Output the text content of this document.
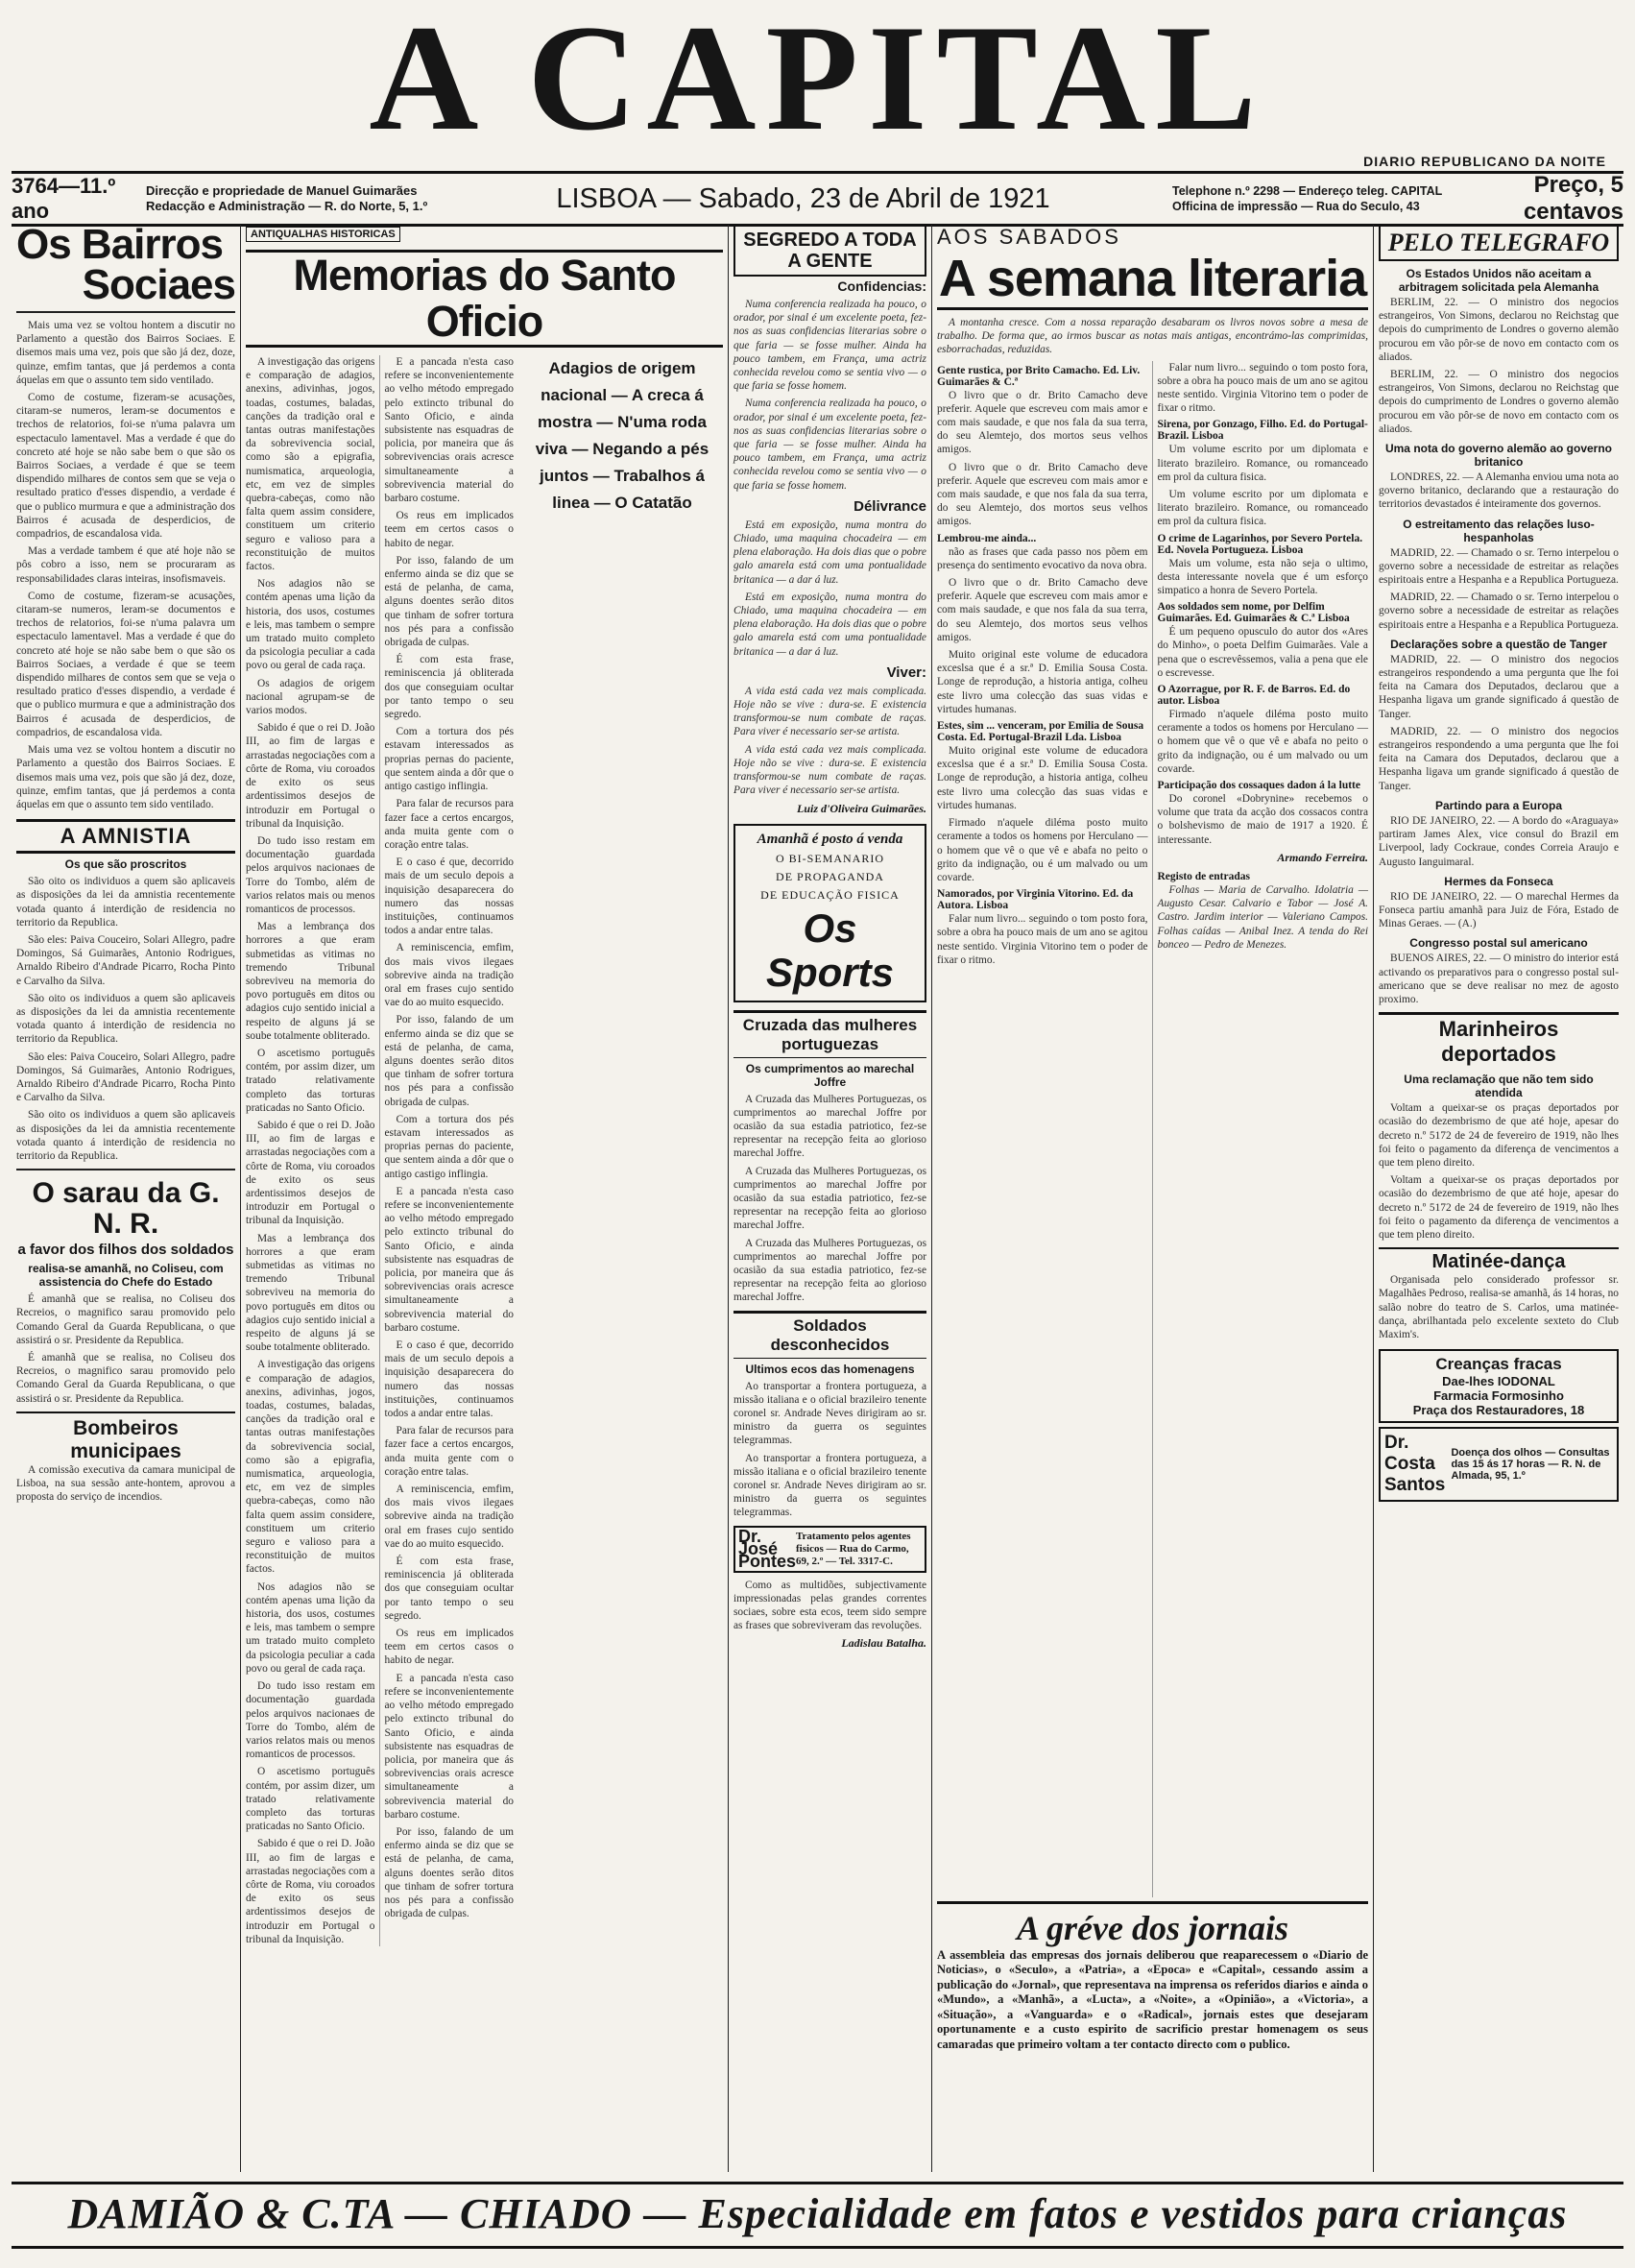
A CAPITAL	DIARIO REPUBLICANO DA NOITE
3764—11.º ano
Direcção e propriedade de Manuel Guimarães
Redacção e Administração — R. do Norte, 5, 1.º	LISBOA — Sabado, 23 de Abril de 1921	Telephone n.º 2298 — Endereço teleg. CAPITAL
Officina de impressão — Rua do Seculo, 43
Preço, 5 centavos
Os Bairros
Sociaes

Mais uma vez se voltou hontem a discutir no Parlamento a questão dos Bairros Sociaes. E disemos mais uma vez, pois que são já dez, doze, quinze, emfim tantas, que já perdemos a conta áquelas em que o assunto tem sido ventilado.

Como de costume, fizeram-se acusações, citaram-se numeros, leram-se documentos e trechos de relatorios, foi-se n'uma palavra um espectaculo lamentavel. Mas a verdade é que do concreto até hoje se não sabe bem o que são os Bairros Sociaes, a verdade é que se teem dispendido milhares de contos sem que se veja o resultado pratico d'esses dispendio, a verdade é que o publico murmura e que a administração dos Bairros é acusada de desperdicios, de compadrios, de escandalosa vida.

Mas a verdade tambem é que até hoje não se pôs cobro a isso, nem se procuraram as responsabilidades claras inteiras, insofismaveis.

Como de costume, fizeram-se acusações, citaram-se numeros, leram-se documentos e trechos de relatorios, foi-se n'uma palavra um espectaculo lamentavel. Mas a verdade é que do concreto até hoje se não sabe bem o que são os Bairros Sociaes, a verdade é que se teem dispendido milhares de contos sem que se veja o resultado pratico d'esses dispendio, a verdade é que o publico murmura e que a administração dos Bairros é acusada de desperdicios, de compadrios, de escandalosa vida.

Mais uma vez se voltou hontem a discutir no Parlamento a questão dos Bairros Sociaes. E disemos mais uma vez, pois que são já dez, doze, quinze, emfim tantas, que já perdemos a conta áquelas em que o assunto tem sido ventilado.

A AMNISTIA
Os que são proscritos

São oito os individuos a quem são aplicaveis as disposições da lei da amnistia recentemente votada quanto á interdição de residencia no territorio da Republica.

São eles: Paiva Couceiro, Solari Allegro, padre Domingos, Sá Guimarães, Antonio Rodrigues, Arnaldo Ribeiro d'Andrade Picarro, Rocha Pinto e Carvalho da Silva.

São oito os individuos a quem são aplicaveis as disposições da lei da amnistia recentemente votada quanto á interdição de residencia no territorio da Republica.

São eles: Paiva Couceiro, Solari Allegro, padre Domingos, Sá Guimarães, Antonio Rodrigues, Arnaldo Ribeiro d'Andrade Picarro, Rocha Pinto e Carvalho da Silva.

São oito os individuos a quem são aplicaveis as disposições da lei da amnistia recentemente votada quanto á interdição de residencia no territorio da Republica.

O sarau da G. N. R.
a favor dos filhos dos soldados
realisa-se amanhã, no Coliseu, com assistencia do Chefe do Estado

É amanhã que se realisa, no Coliseu dos Recreios, o magnifico sarau promovido pelo Comando Geral da Guarda Republicana, o que assistirá o sr. Presidente da Republica.

É amanhã que se realisa, no Coliseu dos Recreios, o magnifico sarau promovido pelo Comando Geral da Guarda Republicana, o que assistirá o sr. Presidente da Republica.

Bombeiros municipaes

A comissão executiva da camara municipal de Lisboa, na sua sessão ante-hontem, aprovou a proposta do serviço de incendios.

ANTIQUALHAS HISTORICAS
Memorias do Santo Oficio
Adagios de origem nacional — A creca á mostra — N'uma roda viva — Negando a pés juntos — Trabalhos á linea — O Catatão

A investigação das origens e comparação de adagios, anexins, adivinhas, jogos, toadas, costumes, baladas, canções da tradição oral e tantas outras manifestações da sobrevivencia social, como são a epigrafia, numismatica, arqueologia, etc, em vez de simples quebra-cabeças, como não falta quem assim considere, constituem um criterio seguro e valioso para a reconstituição de muitos factos.

Nos adagios não se contém apenas uma lição da historia, dos usos, costumes e leis, mas tambem o sempre um tratado muito completo da psicologia peculiar a cada povo ou geral de cada raça.

Os adagios de origem nacional agrupam-se de varios modos.

Sabido é que o rei D. João III, ao fim de largas e arrastadas negociações com a côrte de Roma, viu coroados de exito os seus ardentissimos desejos de introduzir em Portugal o tribunal da Inquisição.

Do tudo isso restam em documentação guardada pelos arquivos nacionaes de Torre do Tombo, além de varios relatos mais ou menos romanticos de processos.

Mas a lembrança dos horrores a que eram submetidas as vitimas no tremendo Tribunal sobreviveu na memoria do povo português em ditos ou adagios cujo sentido inicial a respeito de alguns já se soube totalmente obliterado.

O ascetismo português contém, por assim dizer, um tratado relativamente completo das torturas praticadas no Santo Oficio.

Sabido é que o rei D. João III, ao fim de largas e arrastadas negociações com a côrte de Roma, viu coroados de exito os seus ardentissimos desejos de introduzir em Portugal o tribunal da Inquisição.

Mas a lembrança dos horrores a que eram submetidas as vitimas no tremendo Tribunal sobreviveu na memoria do povo português em ditos ou adagios cujo sentido inicial a respeito de alguns já se soube totalmente obliterado.

A investigação das origens e comparação de adagios, anexins, adivinhas, jogos, toadas, costumes, baladas, canções da tradição oral e tantas outras manifestações da sobrevivencia social, como são a epigrafia, numismatica, arqueologia, etc, em vez de simples quebra-cabeças, como não falta quem assim considere, constituem um criterio seguro e valioso para a reconstituição de muitos factos.

Nos adagios não se contém apenas uma lição da historia, dos usos, costumes e leis, mas tambem o sempre um tratado muito completo da psicologia peculiar a cada povo ou geral de cada raça.

Do tudo isso restam em documentação guardada pelos arquivos nacionaes de Torre do Tombo, além de varios relatos mais ou menos romanticos de processos.

O ascetismo português contém, por assim dizer, um tratado relativamente completo das torturas praticadas no Santo Oficio.

Sabido é que o rei D. João III, ao fim de largas e arrastadas negociações com a côrte de Roma, viu coroados de exito os seus ardentissimos desejos de introduzir em Portugal o tribunal da Inquisição.

E a pancada n'esta caso refere se inconvenientemente ao velho método empregado pelo extincto tribunal do Santo Oficio, e ainda subsistente nas esquadras de policia, por maneira que ás sobrevivencias orais acresce simultaneamente a sobrevivencia material do barbaro costume.

Os reus em implicados teem em certos casos o habito de negar.

Por isso, falando de um enfermo ainda se diz que se está de pelanha, de cama, alguns doentes serão ditos que tinham de sofrer tortura nos pés para a confissão obrigada de culpas.

É com esta frase, reminiscencia já obliterada dos que conseguiam ocultar por tanto tempo o seu segredo.

Com a tortura dos pés estavam interessados as proprias pernas do paciente, que sentem ainda a dôr que o antigo castigo inflingia.

Para falar de recursos para fazer face a certos encargos, anda muita gente com o coração entre talas.

E o caso é que, decorrido mais de um seculo depois a inquisição desaparecera do numero das nossas instituições, continuamos todos a andar entre talas.

A reminiscencia, emfim, dos mais vivos ilegaes sobrevive ainda na tradição oral em frases cujo sentido vae do ao muito esquecido.

Por isso, falando de um enfermo ainda se diz que se está de pelanha, de cama, alguns doentes serão ditos que tinham de sofrer tortura nos pés para a confissão obrigada de culpas.

Com a tortura dos pés estavam interessados as proprias pernas do paciente, que sentem ainda a dôr que o antigo castigo inflingia.

E a pancada n'esta caso refere se inconvenientemente ao velho método empregado pelo extincto tribunal do Santo Oficio, e ainda subsistente nas esquadras de policia, por maneira que ás sobrevivencias orais acresce simultaneamente a sobrevivencia material do barbaro costume.

E o caso é que, decorrido mais de um seculo depois a inquisição desaparecera do numero das nossas instituições, continuamos todos a andar entre talas.

Para falar de recursos para fazer face a certos encargos, anda muita gente com o coração entre talas.

A reminiscencia, emfim, dos mais vivos ilegaes sobrevive ainda na tradição oral em frases cujo sentido vae do ao muito esquecido.

É com esta frase, reminiscencia já obliterada dos que conseguiam ocultar por tanto tempo o seu segredo.

Os reus em implicados teem em certos casos o habito de negar.

E a pancada n'esta caso refere se inconvenientemente ao velho método empregado pelo extincto tribunal do Santo Oficio, e ainda subsistente nas esquadras de policia, por maneira que ás sobrevivencias orais acresce simultaneamente a sobrevivencia material do barbaro costume.

Por isso, falando de um enfermo ainda se diz que se está de pelanha, de cama, alguns doentes serão ditos que tinham de sofrer tortura nos pés para a confissão obrigada de culpas.

SEGREDO A TODA A GENTE
Confidencias:

Numa conferencia realizada ha pouco, o orador, por sinal é um excelente poeta, fez-nos as suas confidencias literarias sobre o que faria — se fosse mulher. Ainda ha pouco tambem, em França, uma actriz conhecida revelou como se sentia vivo — o que faria se fosse homem.

Numa conferencia realizada ha pouco, o orador, por sinal é um excelente poeta, fez-nos as suas confidencias literarias sobre o que faria — se fosse mulher. Ainda ha pouco tambem, em França, uma actriz conhecida revelou como se sentia vivo — o que faria se fosse homem.

Délivrance

Está em exposição, numa montra do Chiado, uma maquina chocadeira — em plena elaboração. Ha dois dias que o pobre galo amarela está com uma pontualidade britanica — a dar á luz.

Está em exposição, numa montra do Chiado, uma maquina chocadeira — em plena elaboração. Ha dois dias que o pobre galo amarela está com uma pontualidade britanica — a dar á luz.

Viver:

A vida está cada vez mais complicada. Hoje não se vive : dura-se. E existencia transformou-se num combate de raças. Para viver é necessario ser-se artista.

A vida está cada vez mais complicada. Hoje não se vive : dura-se. E existencia transformou-se num combate de raças. Para viver é necessario ser-se artista.

Luiz d'Oliveira Guimarães.
Amanhã é posto á venda
O BI-SEMANARIO
DE PROPAGANDA
DE EDUCAÇÃO FISICA
Os Sports
Cruzada das mulheres portuguezas
Os cumprimentos ao marechal Joffre

A Cruzada das Mulheres Portuguezas, os cumprimentos ao marechal Joffre por ocasião da sua estadia patriotico, fez-se representar na recepção feita ao glorioso marechal Joffre.

A Cruzada das Mulheres Portuguezas, os cumprimentos ao marechal Joffre por ocasião da sua estadia patriotico, fez-se representar na recepção feita ao glorioso marechal Joffre.

A Cruzada das Mulheres Portuguezas, os cumprimentos ao marechal Joffre por ocasião da sua estadia patriotico, fez-se representar na recepção feita ao glorioso marechal Joffre.

Soldados desconhecidos
Ultimos ecos das homenagens

Ao transportar a frontera portugueza, a missão italiana e o oficial brazileiro tenente coronel sr. Andrade Neves dirigiram ao sr. ministro da guerra os seguintes telegrammas.

Ao transportar a frontera portugueza, a missão italiana e o oficial brazileiro tenente coronel sr. Andrade Neves dirigiram ao sr. ministro da guerra os seguintes telegrammas.

Dr. José Pontes
Tratamento pelos agentes fisicos — Rua do Carmo, 69, 2.º — Tel. 3317-C.

Como as multidões, subjectivamente impressionadas pelas grandes correntes sociaes, sobre esta ecos, teem sido sempre as frases que sobreviveram das revoluções.

Ladislau Batalha.
AOS SABADOS
A semana literaria

A montanha cresce. Com a nossa reparação desabaram os livros novos sobre a mesa de trabalho. De forma que, ao irmos buscar as notas mais antigas, encontrámo-las comprimidas, esborrachadas, reduzidas.

Gente rustica, por Brito Camacho. Ed. Liv. Guimarães & C.ª

O livro que o dr. Brito Camacho deve preferir. Aquele que escreveu com mais amor e com mais saudade, e que nos fala da sua terra, do seu Alemtejo, dos mortos seus velhos amigos.

O livro que o dr. Brito Camacho deve preferir. Aquele que escreveu com mais amor e com mais saudade, e que nos fala da sua terra, do seu Alemtejo, dos mortos seus velhos amigos.

Lembrou-me ainda...

não as frases que cada passo nos põem em presença do sentimento evocativo da nova obra.

O livro que o dr. Brito Camacho deve preferir. Aquele que escreveu com mais amor e com mais saudade, e que nos fala da sua terra, do seu Alemtejo, dos mortos seus velhos amigos.

Muito original este volume de educadora exceslsa que é a sr.ª D. Emilia Sousa Costa. Longe de reprodução, a historia antiga, colheu este livro uma colecção das suas vidas e virtudes humanas.

Estes, sim ... venceram, por Emilia de Sousa Costa. Ed. Portugal-Brazil Lda. Lisboa

Muito original este volume de educadora exceslsa que é a sr.ª D. Emilia Sousa Costa. Longe de reprodução, a historia antiga, colheu este livro uma colecção das suas vidas e virtudes humanas.

Firmado n'aquele diléma posto muito ceramente a todos os homens por Herculano — o homem que vê o que vê e abafa no peito o grito da indignação, ou é um malvado ou um covarde.

Namorados, por Virginia Vitorino. Ed. da Autora. Lisboa

Falar num livro... seguindo o tom posto fora, sobre a obra ha pouco mais de um ano se agitou neste sentido. Virginia Vitorino tem o poder de fixar o ritmo.

Falar num livro... seguindo o tom posto fora, sobre a obra ha pouco mais de um ano se agitou neste sentido. Virginia Vitorino tem o poder de fixar o ritmo.

Sirena, por Gonzago, Filho. Ed. do Portugal-Brazil. Lisboa

Um volume escrito por um diplomata e literato brazileiro. Romance, ou romanceado em prol da cultura fisica.

Um volume escrito por um diplomata e literato brazileiro. Romance, ou romanceado em prol da cultura fisica.

O crime de Lagarinhos, por Severo Portela. Ed. Novela Portugueza. Lisboa

Mais um volume, esta não seja o ultimo, desta interessante novela que é um esforço simpatico a honra de Severo Portela.

Aos soldados sem nome, por Delfim Guimarães. Ed. Guimarães & C.ª Lisboa

É um pequeno opusculo do autor dos «Ares do Minho», o poeta Delfim Guimarães. Vale a pena que o escrevêssemos, valia a pena que ele o escrevesse.

O Azorrague, por R. F. de Barros. Ed. do autor. Lisboa

Firmado n'aquele diléma posto muito ceramente a todos os homens por Herculano — o homem que vê o que vê e abafa no peito o grito da indignação, ou é um malvado ou um covarde.

Participação dos cossaques dadon á la lutte

Do coronel «Dobrynine» recebemos o volume que trata da acção dos cossacos contra o bolshevismo de maio de 1917 a 1920. É interessante.

Armando Ferreira.
Registo de entradas

Folhas — Maria de Carvalho. Idolatria — Augusto Cesar. Calvario e Tabor — José A. Castro. Jardim interior — Valeriano Campos. Folhas caídas — Anibal Inez. A tenda do Rei bonceo — Pedro de Menezes.

A gréve dos jornais
A assembleia das empresas dos jornais deliberou que reaparecessem o «Diario de Noticias», o «Seculo», a «Patria», a «Epoca» e «Capital», cessando assim a publicação do «Jornal», que representava na imprensa os referidos diarios e ainda o «Mundo», a «Manhã», a «Lucta», a «Noite», a «Opinião», a «Victoria», a «Situação», a «Vanguarda» e o «Radical», jornais estes que desejaram oportunamente e a custo espirito de sacrificio prestar homenagem os seus camaradas que primeiro voltam a ter contacto directo com o publico.
PELO TELEGRAFO
Os Estados Unidos não aceitam a arbitragem solicitada pela Alemanha

BERLIM, 22. — O ministro dos negocios estrangeiros, Von Simons, declarou no Reichstag que depois do cumprimento de Londres o governo alemão procurou em vão pôr-se de novo em contacto com os aliados.

BERLIM, 22. — O ministro dos negocios estrangeiros, Von Simons, declarou no Reichstag que depois do cumprimento de Londres o governo alemão procurou em vão pôr-se de novo em contacto com os aliados.

Uma nota do governo alemão ao governo britanico

LONDRES, 22. — A Alemanha enviou uma nota ao governo britanico, declarando que a restauração do territorios devastados é inteiramente dos governos.

O estreitamento das relações luso-hespanholas

MADRID, 22. — Chamado o sr. Terno interpelou o governo sobre a necessidade de estreitar as relações espiritoais entre a Hespanha e a Republica Portugueza.

MADRID, 22. — Chamado o sr. Terno interpelou o governo sobre a necessidade de estreitar as relações espiritoais entre a Hespanha e a Republica Portugueza.

Declarações sobre a questão de Tanger

MADRID, 22. — O ministro dos negocios estrangeiros respondendo a uma pergunta que lhe foi feita na Camara dos Deputados, declarou que a Hespanha ligava um grande significado á questão de Tanger.

MADRID, 22. — O ministro dos negocios estrangeiros respondendo a uma pergunta que lhe foi feita na Camara dos Deputados, declarou que a Hespanha ligava um grande significado á questão de Tanger.

Partindo para a Europa

RIO DE JANEIRO, 22. — A bordo do «Araguaya» partiram James Alex, vice consul do Brazil em Liverpool, lady Cockraue, condes Correia Araujo e Augusto Ianguimaral.

Hermes da Fonseca

RIO DE JANEIRO, 22. — O marechal Hermes da Fonseca partiu amanhã para Juiz de Fóra, Estado de Minas Geraes. — (A.)

Congresso postal sul americano

BUENOS AIRES, 22. — O ministro do interior está activando os preparativos para o congresso postal sul-americano que se deve realisar no mez de agosto proximo.

Marinheiros deportados
Uma reclamação que não tem sido atendida

Voltam a queixar-se os praças deportados por ocasião do dezembrismo de que até hoje, apesar do decreto n.º 5172 de 24 de fevereiro de 1919, não lhes foi feito o pagamento da diferença de vencimentos a que tem pleno direito.

Voltam a queixar-se os praças deportados por ocasião do dezembrismo de que até hoje, apesar do decreto n.º 5172 de 24 de fevereiro de 1919, não lhes foi feito o pagamento da diferença de vencimentos a que tem pleno direito.

Matinée-dança

Organisada pelo considerado professor sr. Magalhães Pedroso, realisa-se amanhã, ás 14 horas, no salão nobre do teatro de S. Carlos, uma matinée-dança, abrilhantada pelo excelente sexteto do Club Maxim's.

Creanças fracas
Dae-lhes IODONAL
Farmacia Formosinho
Praça dos Restauradores, 18
Dr. Costa Santos
Doença dos olhos — Consultas das 15 ás 17 horas — R. N. de Almada, 95, 1.º
DAMIÃO & C.TA — CHIADO — Especialidade em fatos e vestidos para crianças
